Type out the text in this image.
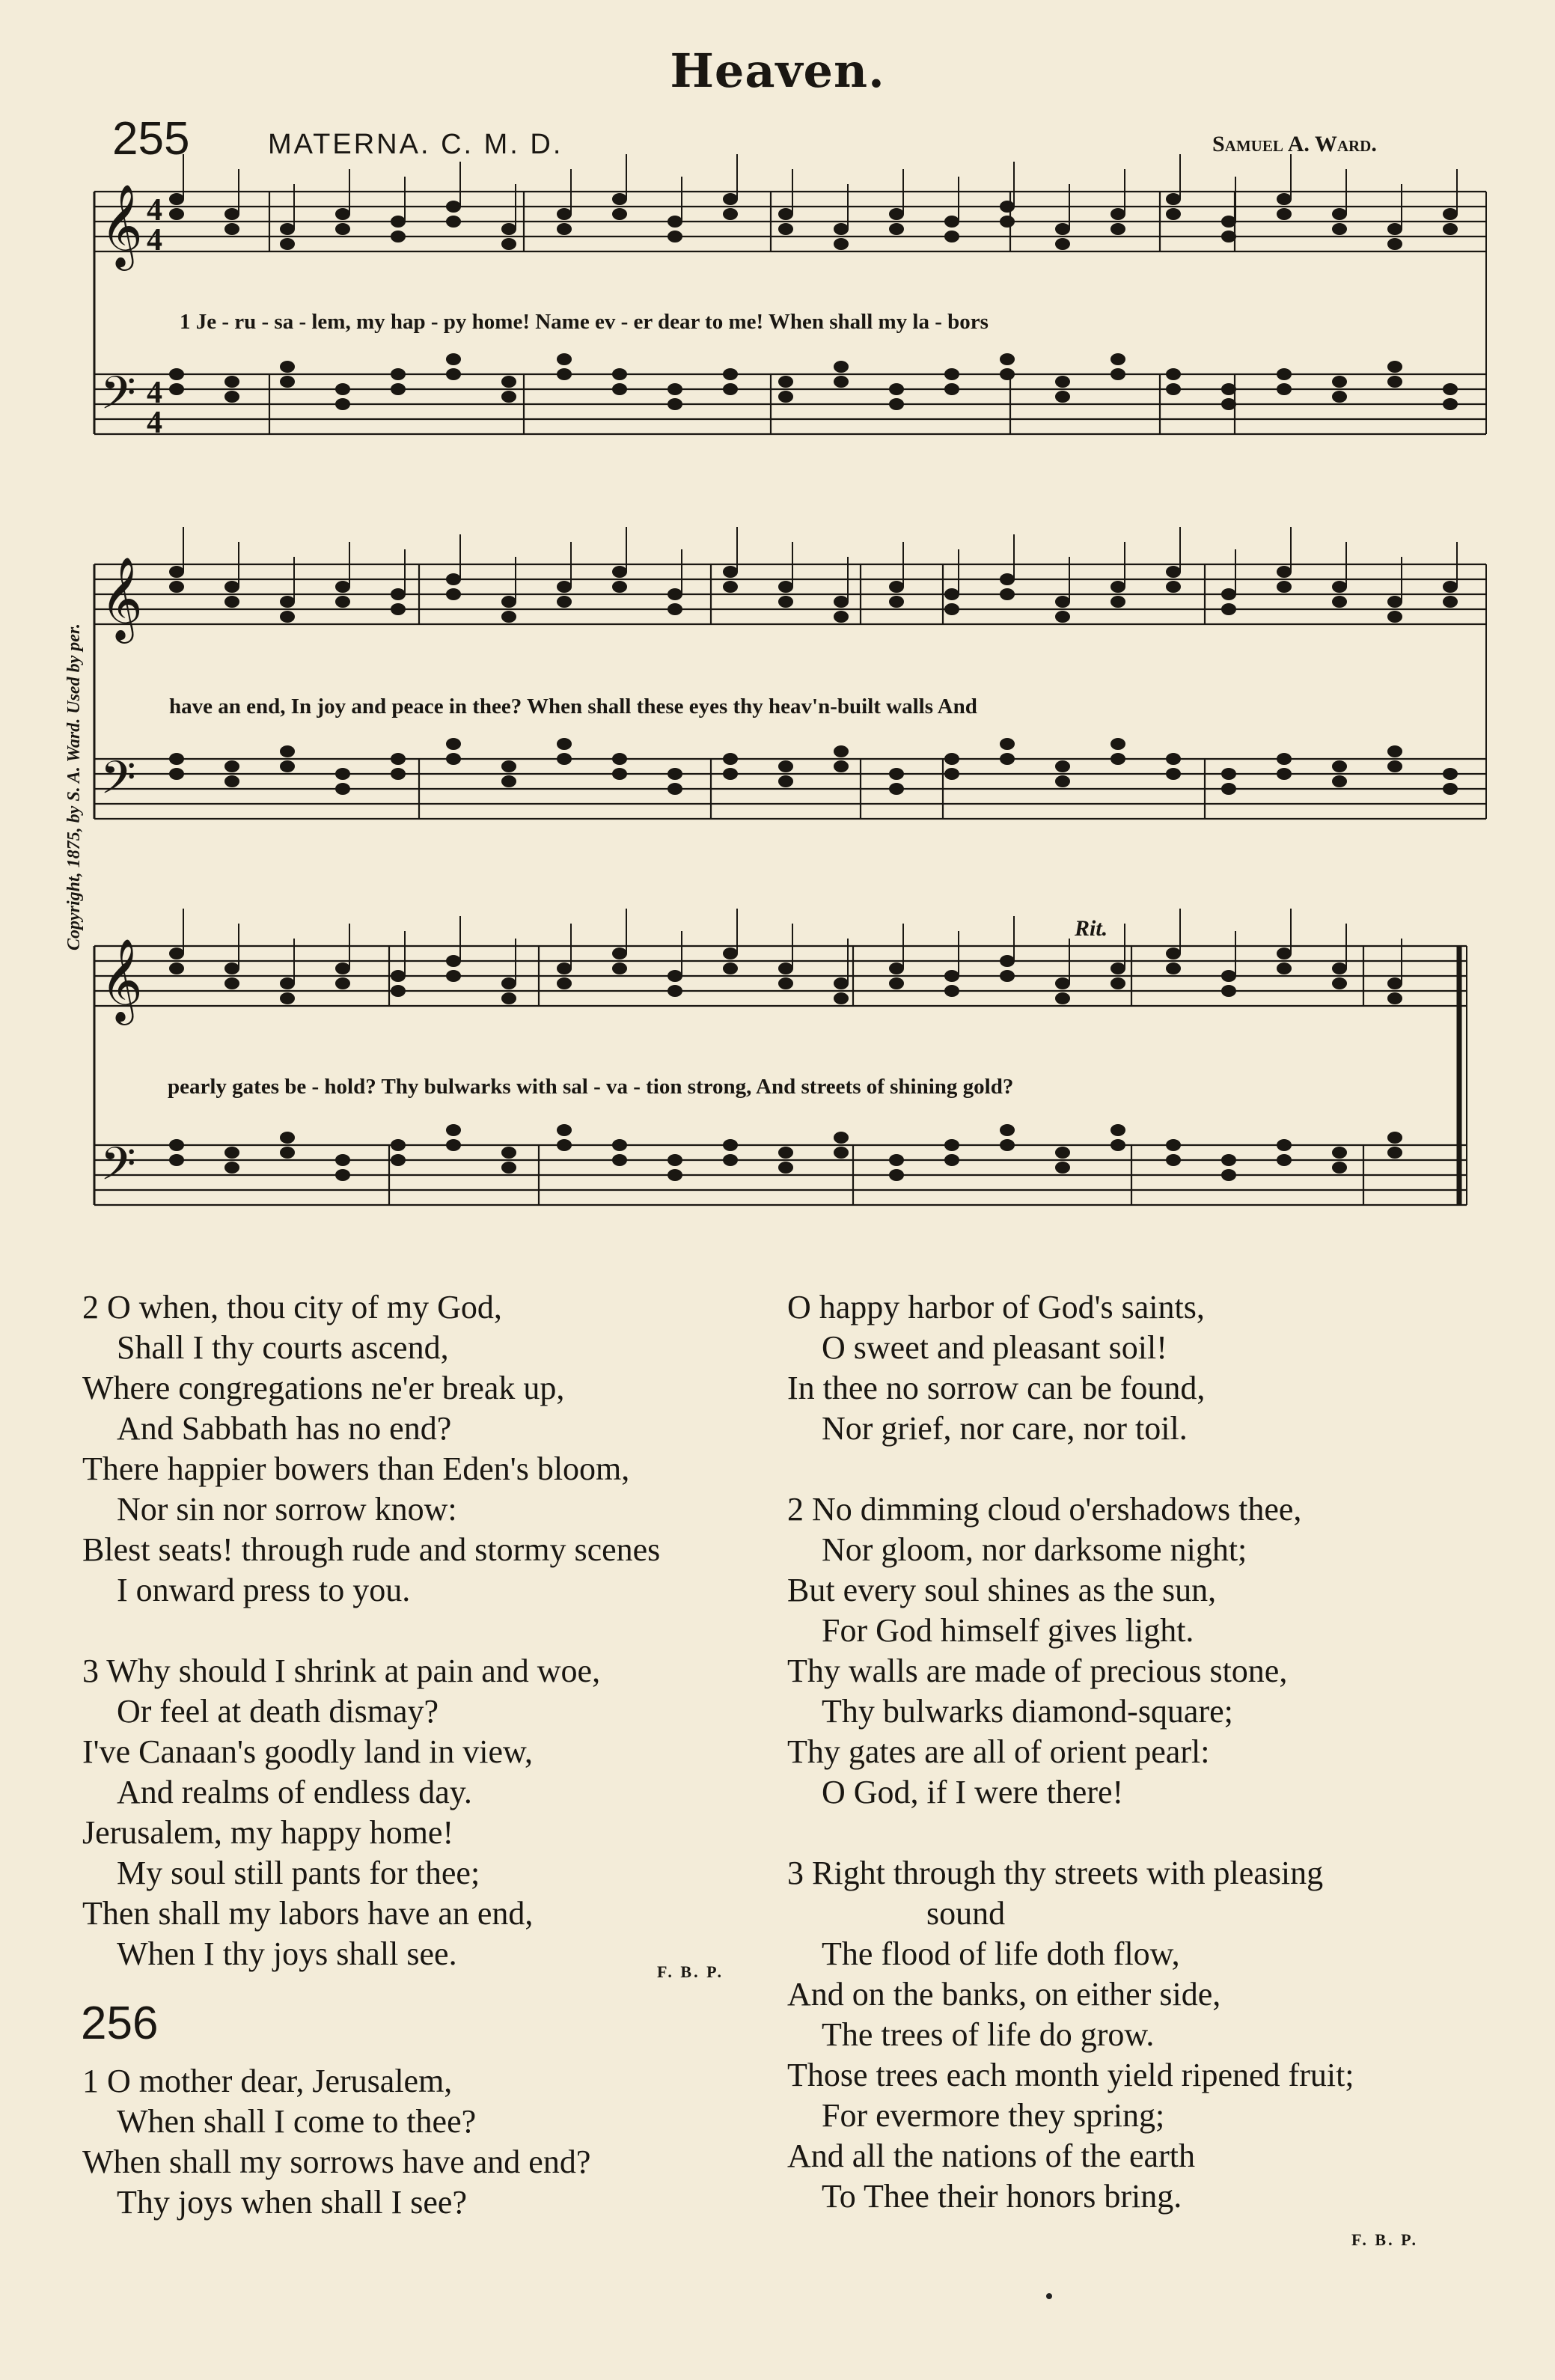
Heaven.
255	MATERNA. C. M. D.	Samuel A. Ward.
Copyright, 1875, by S. A. Ward. Used by per.
𝄞
𝄢
4
4
4
4
𝄞
𝄢
𝄞
𝄢
1 Je - ru - sa - lem, my hap - py home! Name ev - er dear to me! When shall my la - bors
have an end, In joy and peace in thee? When shall these eyes thy heav'n-built walls And
pearly gates be - hold? Thy bulwarks with sal - va - tion strong, And streets of shining gold?
Rit.
2 O when, thou city of my God,
Shall I thy courts ascend,
Where congregations ne'er break up,
And Sabbath has no end?
There happier bowers than Eden's bloom,
Nor sin nor sorrow know:
Blest seats! through rude and stormy scenes
I onward press to you.
3 Why should I shrink at pain and woe,
Or feel at death dismay?
I've Canaan's goodly land in view,
And realms of endless day.
Jerusalem, my happy home!
My soul still pants for thee;
Then shall my labors have an end,
When I thy joys shall see.	F. B. P.
256
1 O mother dear, Jerusalem,
When shall I come to thee?
When shall my sorrows have and end?
Thy joys when shall I see?
O happy harbor of God's saints,
O sweet and pleasant soil!
In thee no sorrow can be found,
Nor grief, nor care, nor toil.
2 No dimming cloud o'ershadows thee,
Nor gloom, nor darksome night;
But every soul shines as the sun,
For God himself gives light.
Thy walls are made of precious stone,
Thy bulwarks diamond-square;
Thy gates are all of orient pearl:
O God, if I were there!
3 Right through thy streets with pleasing
sound
The flood of life doth flow,
And on the banks, on either side,
The trees of life do grow.
Those trees each month yield ripened fruit;
For evermore they spring;
And all the nations of the earth
To Thee their honors bring.
F. B. P.
